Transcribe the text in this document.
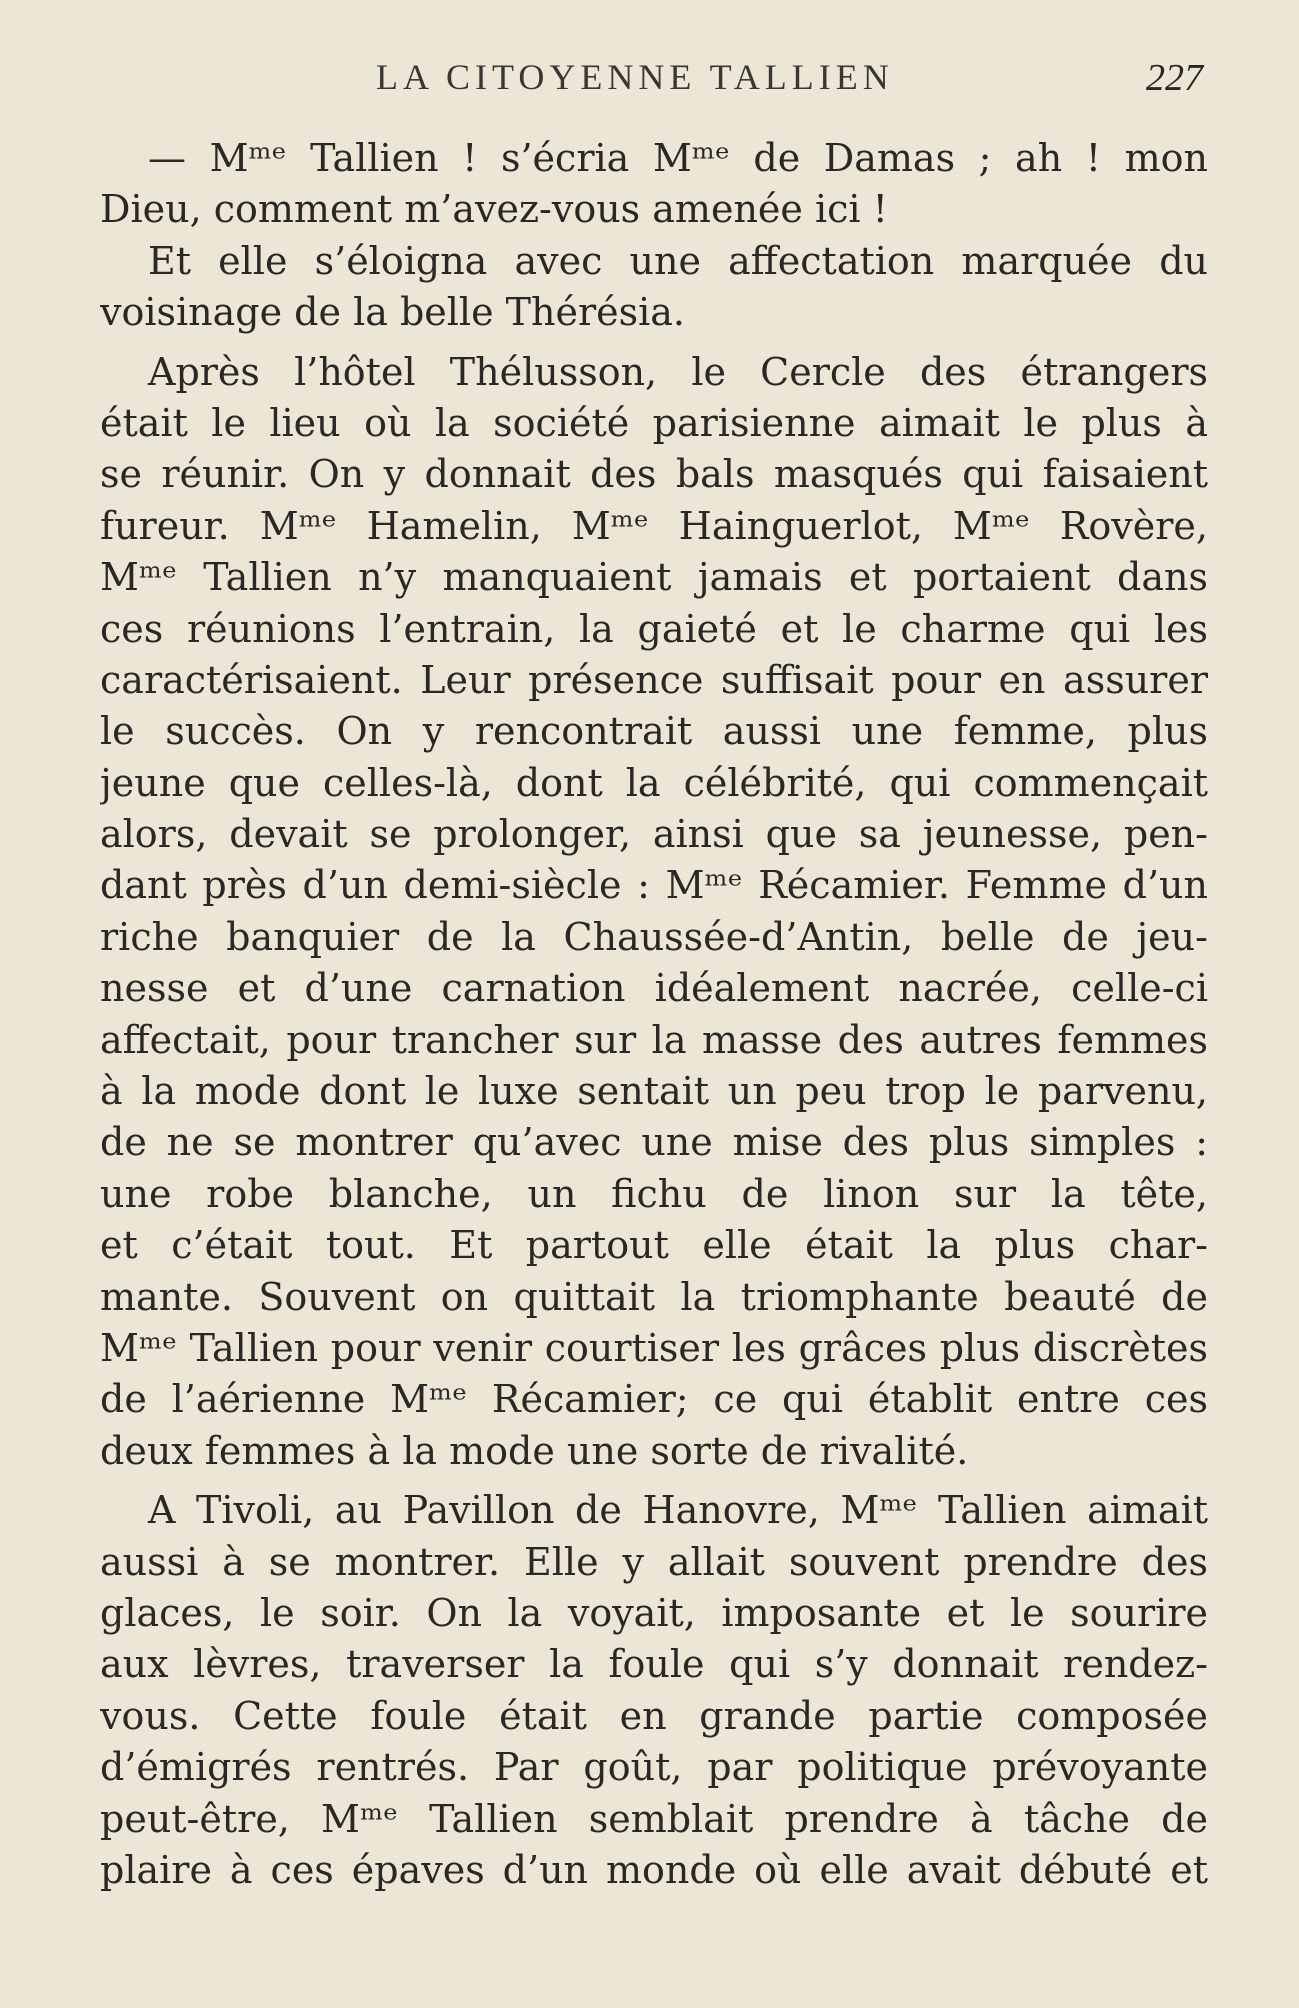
LA CITOYENNE TALLIEN	227
— Mᵐᵉ Tallien ! s’écria Mᵐᵉ de Damas ; ah ! mon
Dieu, comment m’avez-vous amenée ici !
Et elle s’éloigna avec une affectation marquée du
voisinage de la belle Thérésia.
Après l’hôtel Thélusson, le Cercle des étrangers
était le lieu où la société parisienne aimait le plus à
se réunir. On y donnait des bals masqués qui faisaient
fureur. Mᵐᵉ Hamelin, Mᵐᵉ Hainguerlot, Mᵐᵉ Rovère,
Mᵐᵉ Tallien n’y manquaient jamais et portaient dans
ces réunions l’entrain, la gaieté et le charme qui les
caractérisaient. Leur présence suffisait pour en assurer
le succès. On y rencontrait aussi une femme, plus
jeune que celles-là, dont la célébrité, qui commençait
alors, devait se prolonger, ainsi que sa jeunesse, pen-
dant près d’un demi-siècle : Mᵐᵉ Récamier. Femme d’un
riche banquier de la Chaussée-d’Antin, belle de jeu-
nesse et d’une carnation idéalement nacrée, celle-ci
affectait, pour trancher sur la masse des autres femmes
à la mode dont le luxe sentait un peu trop le parvenu,
de ne se montrer qu’avec une mise des plus simples :
une robe blanche, un fichu de linon sur la tête,
et c’était tout. Et partout elle était la plus char-
mante. Souvent on quittait la triomphante beauté de
Mᵐᵉ Tallien pour venir courtiser les grâces plus discrètes
de l’aérienne Mᵐᵉ Récamier; ce qui établit entre ces
deux femmes à la mode une sorte de rivalité.
A Tivoli, au Pavillon de Hanovre, Mᵐᵉ Tallien aimait
aussi à se montrer. Elle y allait souvent prendre des
glaces, le soir. On la voyait, imposante et le sourire
aux lèvres, traverser la foule qui s’y donnait rendez-
vous. Cette foule était en grande partie composée
d’émigrés rentrés. Par goût, par politique prévoyante
peut-être, Mᵐᵉ Tallien semblait prendre à tâche de
plaire à ces épaves d’un monde où elle avait débuté et
